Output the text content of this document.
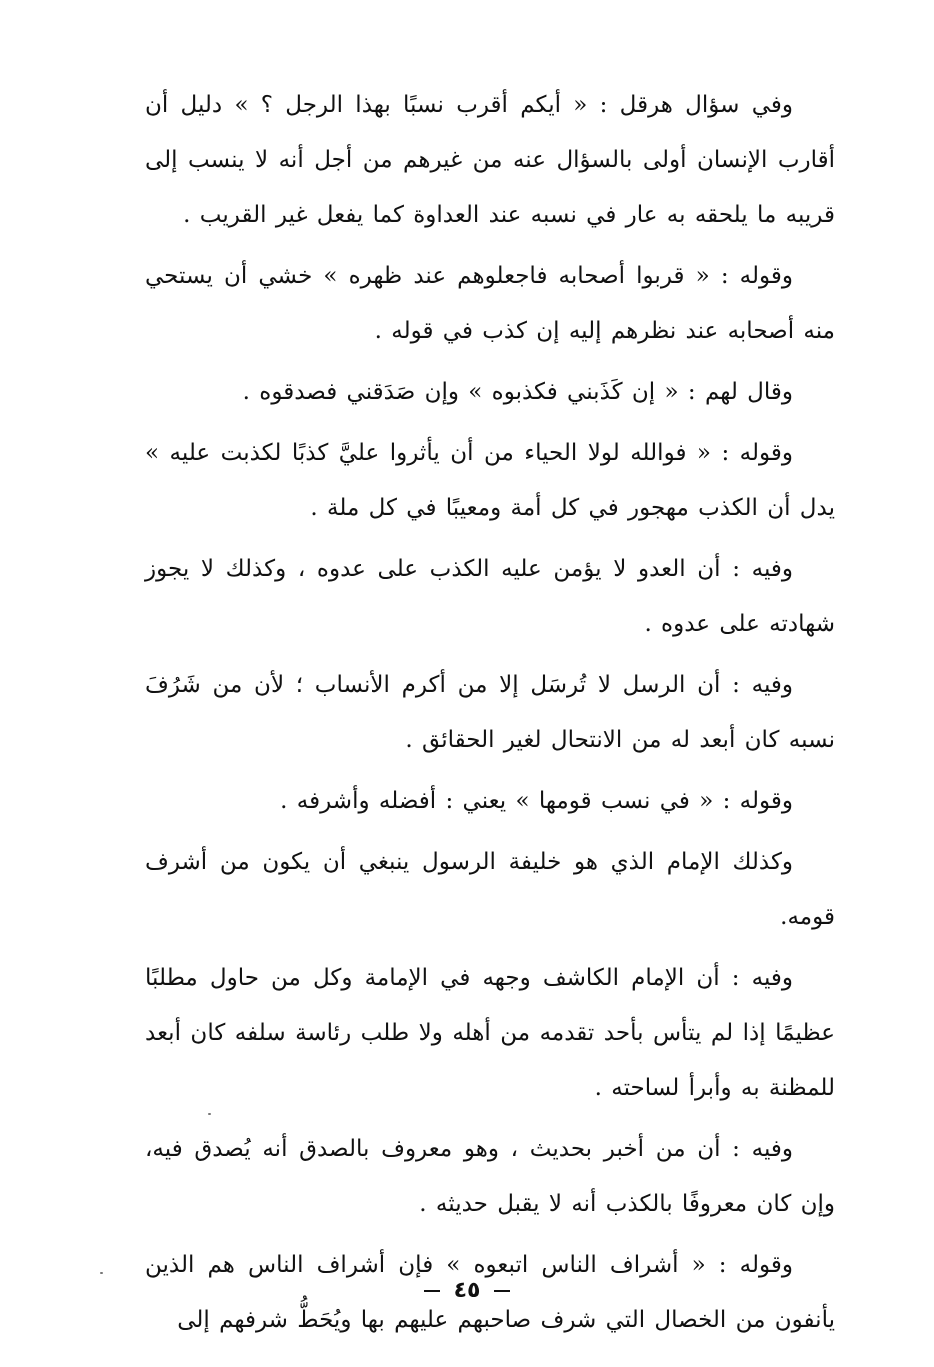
وفي سؤال هرقل : « أيكم أقرب نسبًا بهذا الرجل ؟ » دليل أن أقارب الإنسان أولى بالسؤال عنه من غيرهم من أجل أنه لا ينسب إلى قريبه ما يلحقه به عار في نسبه عند العداوة كما يفعل غير القريب .

وقوله : « قربوا أصحابه فاجعلوهم عند ظهره » خشي أن يستحي منه أصحابه عند نظرهم إليه إن كذب في قوله .

وقال لهم : « إن كَذَبني فكذبوه » وإن صَدَقني فصدقوه .

وقوله : « فوالله لولا الحياء من أن يأثروا عليَّ كذبًا لكذبت عليه » يدل أن الكذب مهجور في كل أمة ومعيبًا في كل ملة .

وفيه : أن العدو لا يؤمن عليه الكذب على عدوه ، وكذلك لا يجوز شهادته على عدوه .

وفيه : أن الرسل لا تُرسَل إلا من أكرم الأنساب ؛ لأن من شَرُفَ نسبه كان أبعد له من الانتحال لغير الحقائق .

وقوله : « في نسب قومها » يعني : أفضله وأشرفه .

وكذلك الإمام الذي هو خليفة الرسول ينبغي أن يكون من أشرف قومه.

وفيه : أن الإمام الكاشف وجهه في الإمامة وكل من حاول مطلبًا عظيمًا إذا لم يتأس بأحد تقدمه من أهله ولا طلب رئاسة سلفه كان أبعد للمظنة به وأبرأ لساحته .

وفيه : أن من أخبر بحديث ، وهو معروف بالصدق أنه يُصدق فيه، وإن كان معروفًا بالكذب أنه لا يقبل حديثه .

وقوله : « أشراف الناس اتبعوه » فإن أشراف الناس هم الذين يأنفون من الخصال التي شرف صاحبهم عليهم بها ويُحَطُّ شرفهم إلى

٤٥
